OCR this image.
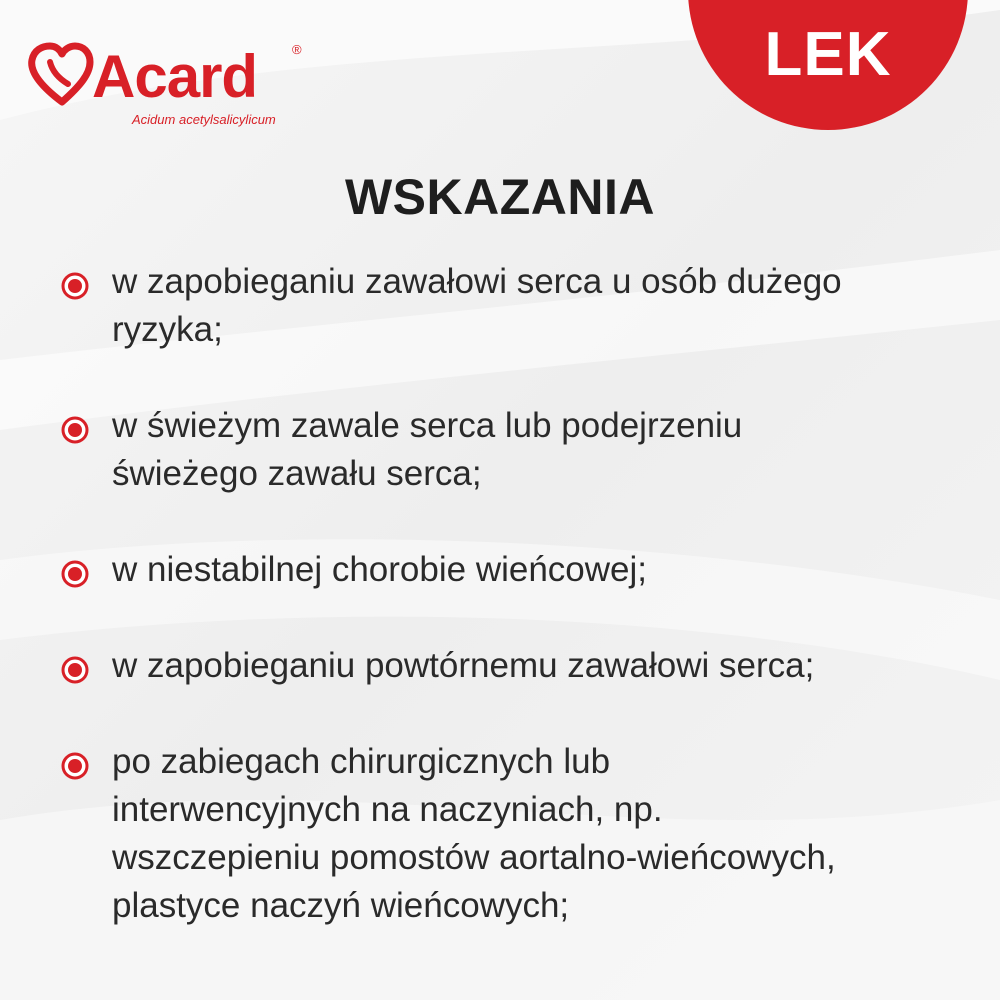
Acard	®
Acidum acetylsalicylicum
LEK
WSKAZANIA
w zapobieganiu zawałowi serca u osób dużego
ryzyka;
w świeżym zawale serca lub podejrzeniu
świeżego zawału serca;
w niestabilnej chorobie wieńcowej;
w zapobieganiu powtórnemu zawałowi serca;
po zabiegach chirurgicznych lub
interwencyjnych na naczyniach, np.
wszczepieniu pomostów aortalno-wieńcowych,
plastyce naczyń wieńcowych;
